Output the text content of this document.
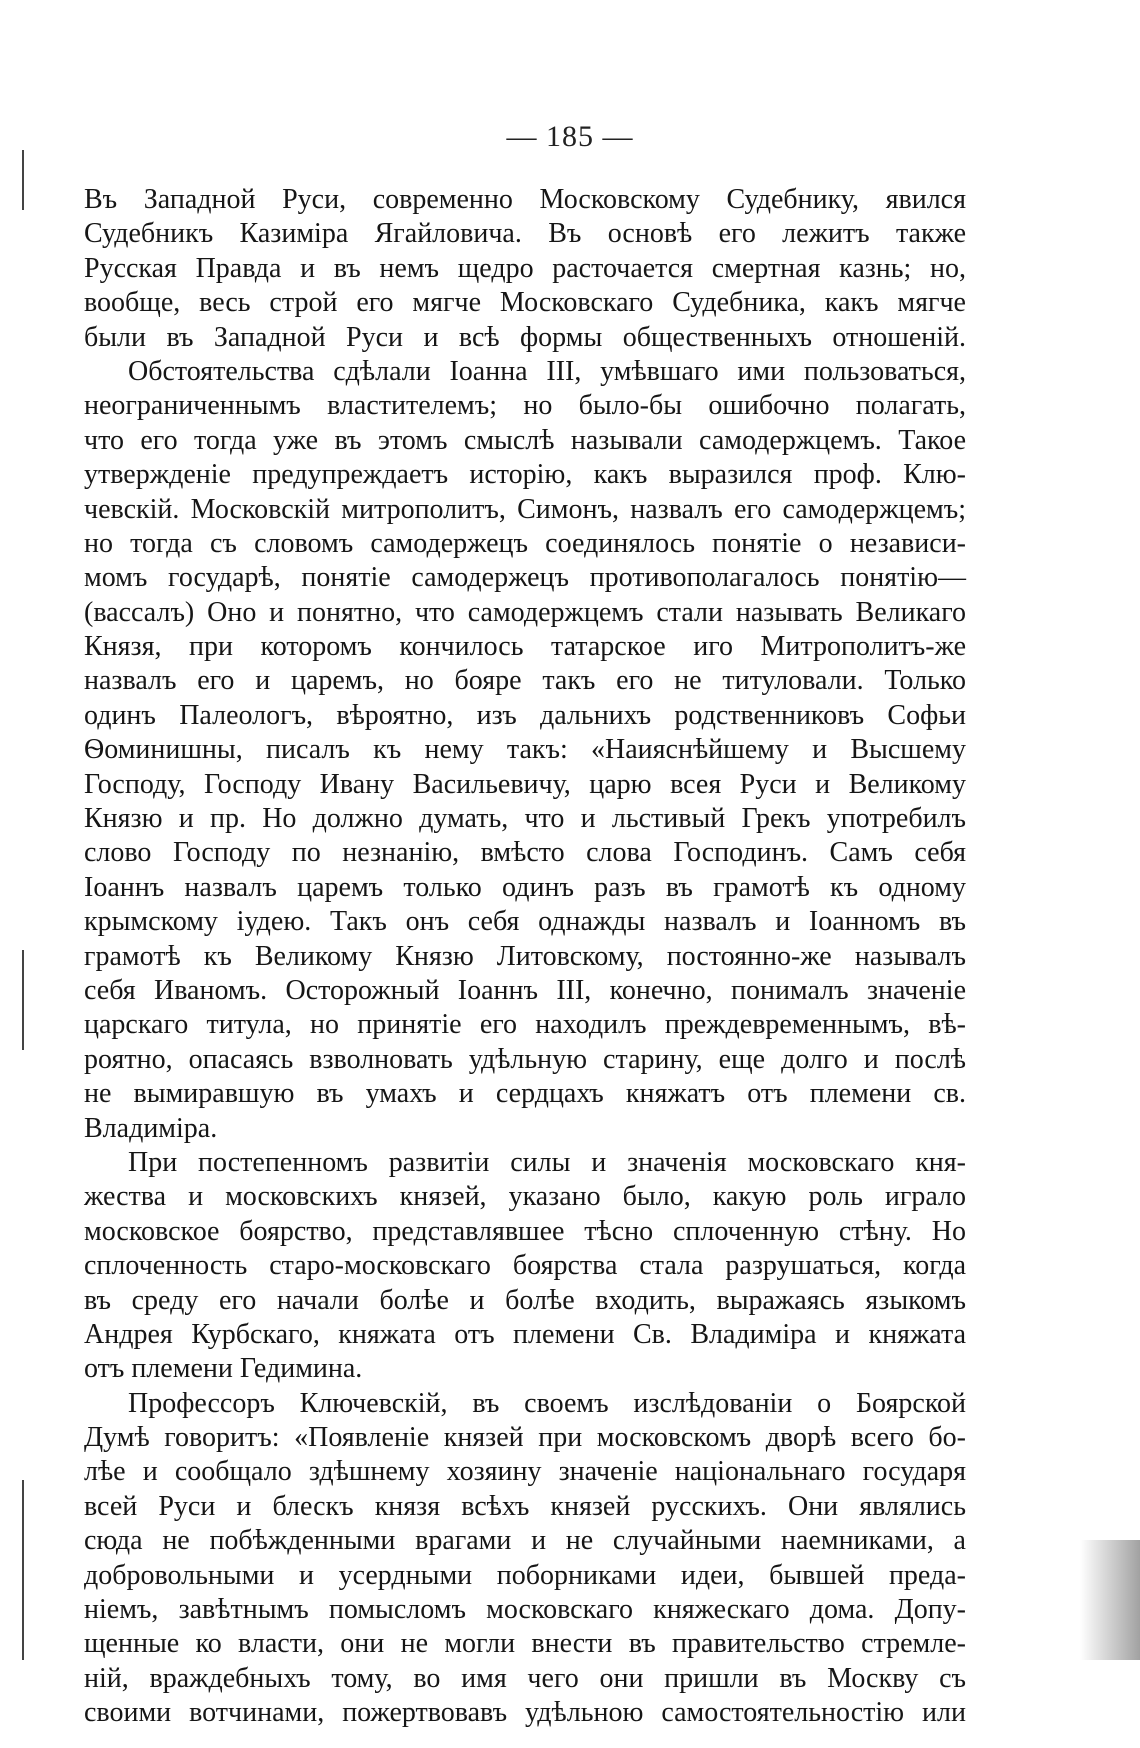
— 185 —
Въ Западной Руси, современно Московскому Судебнику, явился
Судебникъ Казиміра Ягайловича. Въ основѣ его лежитъ также
Русская Правда и въ немъ щедро расточается смертная казнь; но,
вообще, весь строй его мягче Московскаго Судебника, какъ мягче
были въ Западной Руси и всѣ формы общественныхъ отношеній.
Обстоятельства сдѣлали Іоанна III, умѣвшаго ими пользоваться,
неограниченнымъ властителемъ; но было-бы ошибочно полагать,
что его тогда уже въ этомъ смыслѣ называли самодержцемъ. Такое
утвержденіе предупреждаетъ исторію, какъ выразился проф. Клю-
чевскій. Московскій митрополитъ, Симонъ, назвалъ его самодержцемъ;
но тогда съ словомъ самодержецъ соединялось понятіе о независи-
момъ государѣ, понятіе самодержецъ противополагалось понятію—
(вассалъ) Оно и понятно, что самодержцемъ стали называть Великаго
Князя, при которомъ кончилось татарское иго Митрополитъ-же
назвалъ его и царемъ, но бояре такъ его не титуловали. Только
одинъ Палеологъ, вѣроятно, изъ дальнихъ родственниковъ Софьи
Ѳоминишны, писалъ къ нему такъ: «Наияснѣйшему и Высшему
Господу, Господу Ивану Васильевичу, царю всея Руси и Великому
Князю и пр. Но должно думать, что и льстивый Грекъ употребилъ
слово Господу по незнанію, вмѣсто слова Господинъ. Самъ себя
Іоаннъ назвалъ царемъ только одинъ разъ въ грамотѣ къ одному
крымскому іудею. Такъ онъ себя однажды назвалъ и Іоанномъ въ
грамотѣ къ Великому Князю Литовскому, постоянно-же называлъ
себя Иваномъ. Осторожный Іоаннъ III, конечно, понималъ значеніе
царскаго титула, но принятіе его находилъ преждевременнымъ, вѣ-
роятно, опасаясь взволновать удѣльную старину, еще долго и послѣ
не вымиравшую въ умахъ и сердцахъ княжатъ отъ племени св.
Владиміра.
При постепенномъ развитіи силы и значенія московскаго кня-
жества и московскихъ князей, указано было, какую роль играло
московское боярство, представлявшее тѣсно сплоченную стѣну. Но
сплоченность старо-московскаго боярства стала разрушаться, когда
въ среду его начали болѣе и болѣе входить, выражаясь языкомъ
Андрея Курбскаго, княжата отъ племени Св. Владиміра и княжата
отъ племени Гедимина.
Профессоръ Ключевскій, въ своемъ изслѣдованіи о Боярской
Думѣ говоритъ: «Появленіе князей при московскомъ дворѣ всего бо-
лѣе и сообщало здѣшнему хозяину значеніе національнаго государя
всей Руси и блескъ князя всѣхъ князей русскихъ. Они являлись
сюда не побѣжденными врагами и не случайными наемниками, а
добровольными и усердными поборниками идеи, бывшей преда-
ніемъ, завѣтнымъ помысломъ московскаго княжескаго дома. Допу-
щенные ко власти, они не могли внести въ правительство стремле-
ній, враждебныхъ тому, во имя чего они пришли въ Москву съ
своими вотчинами, пожертвовавъ удѣльною самостоятельностію или
